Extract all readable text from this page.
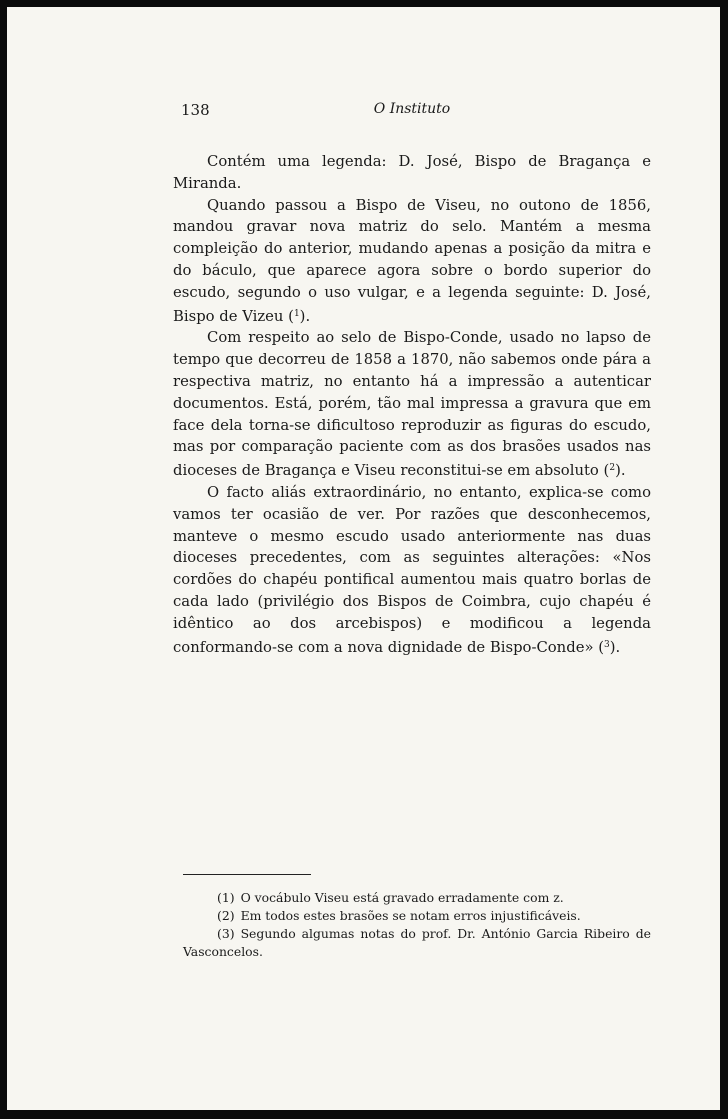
138	O Instituto

Contém uma legenda: D. José, Bispo de Bragança e Miranda.

Quando passou a Bispo de Viseu, no outono de 1856, mandou gravar nova matriz do selo. Mantém a mesma compleição do anterior, mudando apenas a posição da mitra e do báculo, que aparece agora sobre o bordo superior do escudo, segundo o uso vulgar, e a legenda seguinte: D. José, Bispo de Vizeu ($^1$).

Com respeito ao selo de Bispo-Conde, usado no lapso de tempo que decorreu de 1858 a 1870, não sabemos onde pára a respectiva matriz, no entanto há a impressão a autenticar documentos. Está, porém, tão mal impressa a gravura que em face dela torna-se dificultoso reproduzir as figuras do escudo, mas por comparação paciente com as dos brasões usados nas dioceses de Bragança e Viseu reconstitui-se em absoluto ($^2$).

O facto aliás extraordinário, no entanto, explica-se como vamos ter ocasião de ver. Por razões que desconhecemos, manteve o mesmo escudo usado anteriormente nas duas dioceses precedentes, com as seguintes alterações: «Nos cordões do chapéu pontifical aumentou mais quatro borlas de cada lado (privilégio dos Bispos de Coimbra, cujo chapéu é idêntico ao dos arcebispos) e modificou a legenda conformando-se com a nova dignidade de Bispo-Conde» ($^3$).

(1) O vocábulo Viseu está gravado erradamente com z.
(2) Em todos estes brasões se notam erros injustificáveis.
(3) Segundo algumas notas do prof. Dr. António Garcia Ribeiro de Vasconcelos.
